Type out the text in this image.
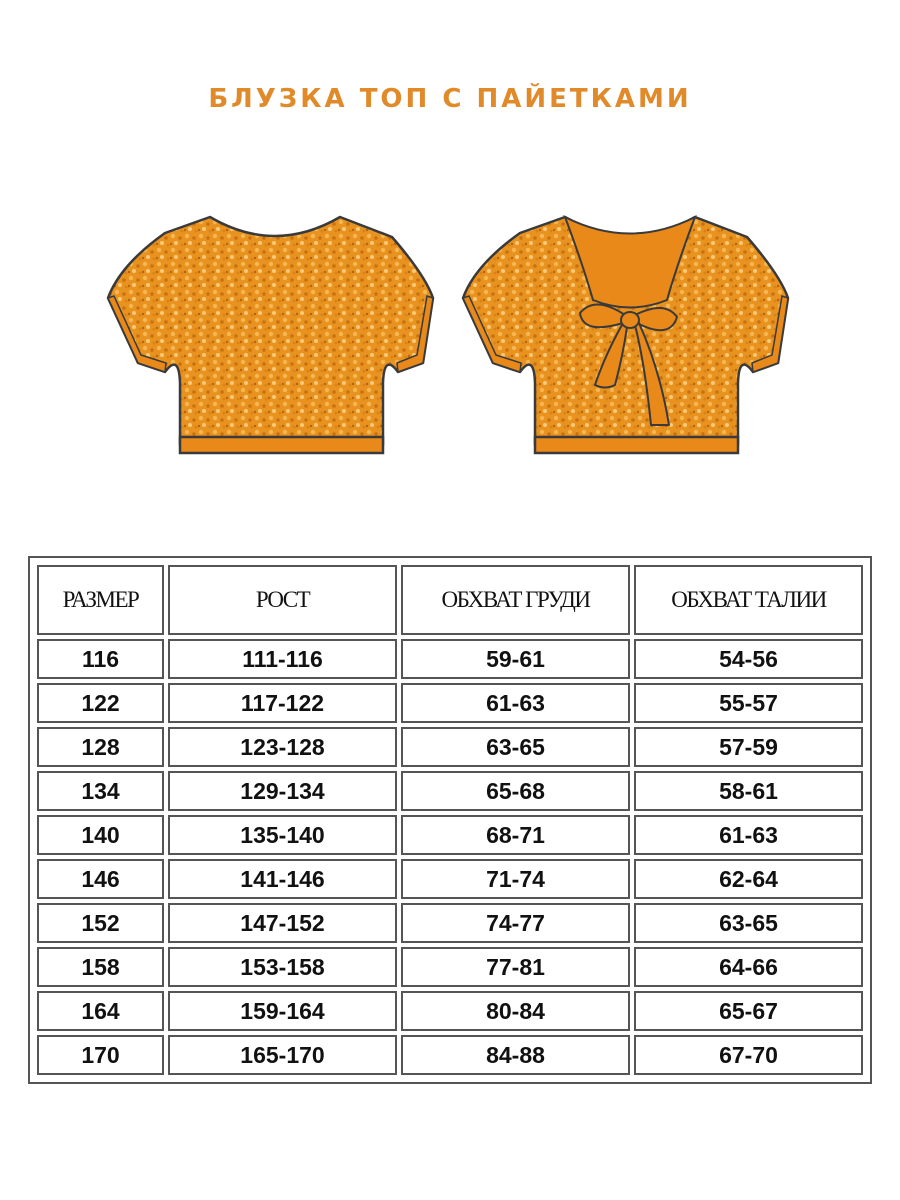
БЛУЗКА ТОП С ПАЙЕТКАМИ
РАЗМЕР	РОСТ	ОБХВАТ ГРУДИ	ОБХВАТ ТАЛИИ
116	111-116	59-61	54-56
122	117-122	61-63	55-57
128	123-128	63-65	57-59
134	129-134	65-68	58-61
140	135-140	68-71	61-63
146	141-146	71-74	62-64
152	147-152	74-77	63-65
158	153-158	77-81	64-66
164	159-164	80-84	65-67
170	165-170	84-88	67-70
